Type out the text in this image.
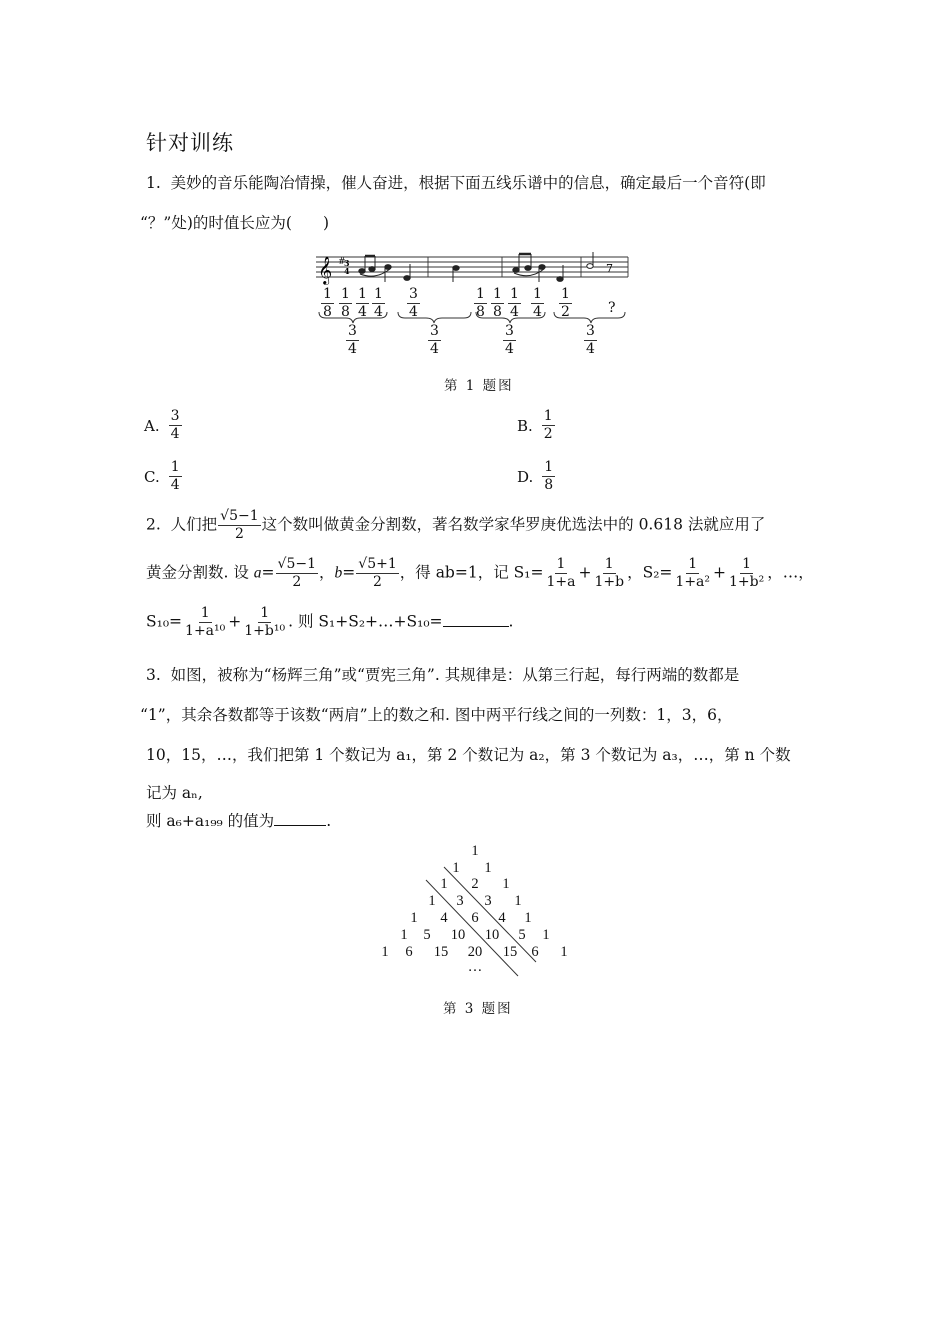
针对训练
1. 美妙的音乐能陶冶情操，催人奋进，根据下面五线乐谱中的信息，确定最后一个音符(即
“？”处)的时值长应为(　　)
𝄞 #
3
4	7
$\frac{1}{8} \frac{1}{8} \frac{1}{4} \frac{1}{4} \frac{3}{4}$	$\frac{1}{8} \frac{1}{8} \frac{1}{4} \frac{1}{4} \frac{1}{2}$	?
$\frac{3}{4}$	$\frac{3}{4}$	$\frac{3}{4}$	$\frac{3}{4}$
第 1 题图
A. $\frac{3}{4}$	B. $\frac{1}{2}$
C. $\frac{1}{4}$	D. $\frac{1}{8}$
2. 人们把 $\frac{√5-1}{2}$ 这个数叫做黄金分割数，著名数学家华罗庚优选法中的 0.618 法就应用了
黄金分割数. 设 $a= \frac{√5-1}{2}$ ，$b= \frac{√5+1}{2}$ ，得 ab=1，记 $S_1= \frac{1}{1+a} + \frac{1}{1+b}$ ，$S_2= \frac{1}{\text{1+a²}} + \frac{1}{\text{1+b²}}$ ，…，
$S_{10}= \frac{1}{\text{1+a¹⁰}} + \frac{1}{\text{1+b¹⁰}}$ . 则 S₁+S₂+…+S₁₀=	.
3. 如图，被称为“杨辉三角”或“贾宪三角”. 其规律是：从第三行起，每行两端的数都是
“1”，其余各数都等于该数“两肩”上的数之和. 图中两平行线之间的一列数：1，3，6，
10，15，…，我们把第 1 个数记为 a₁，第 2 个数记为 a₂，第 3 个数记为 a₃，…，第 n 个数
记为 aₙ,
则 a₆+a₁₉₉ 的值为	.
1
1 1
1 2 1
1 3 3 1
1 4 6 4 1
1 5 10 10 5 1
1 6 15 20 15 6 1
…
第 3 题图
